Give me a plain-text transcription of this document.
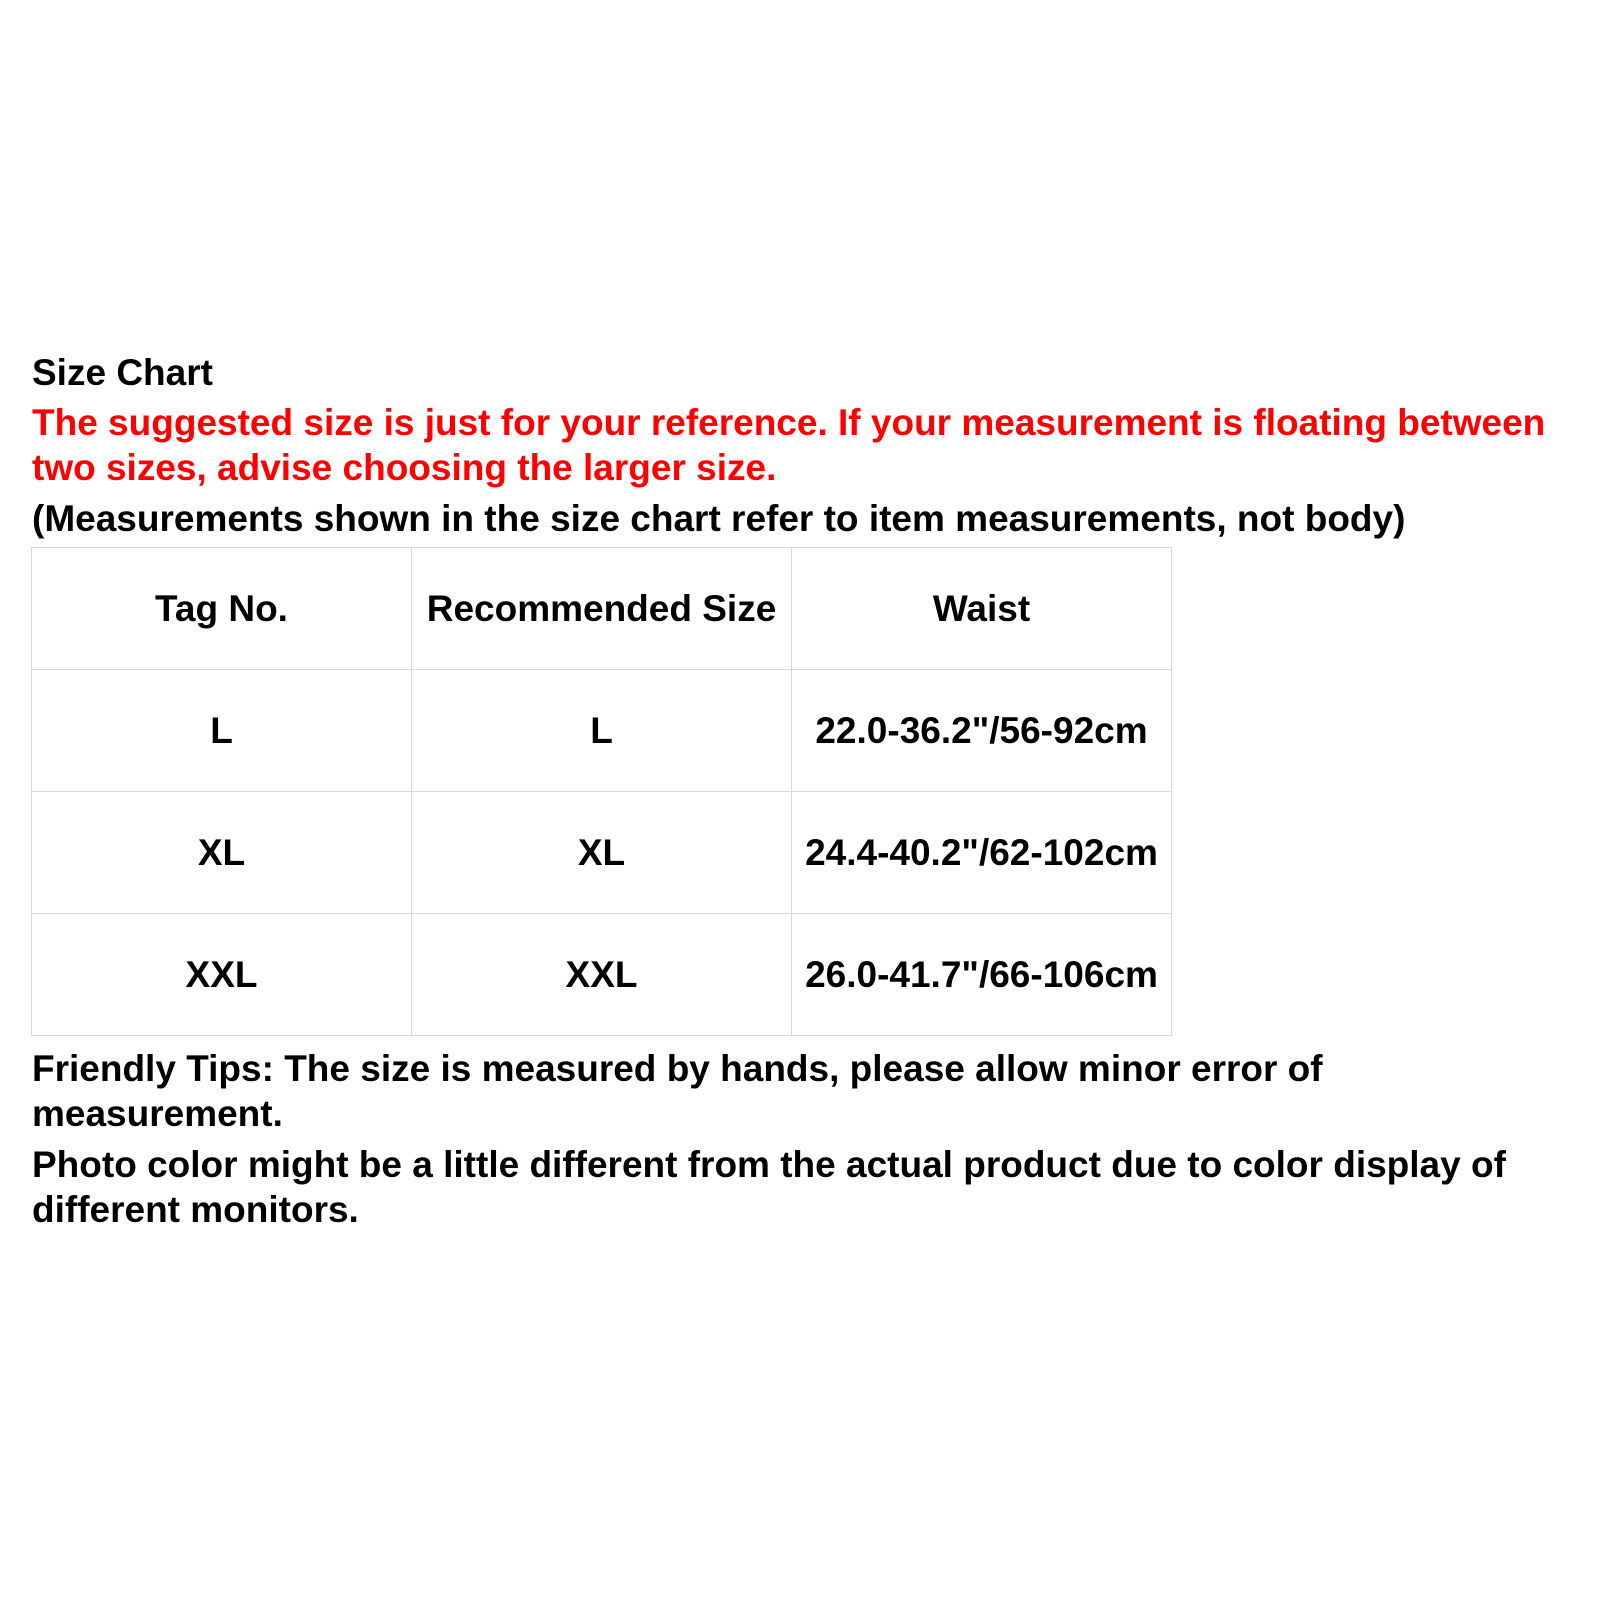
Size Chart
The suggested size is just for your reference. If your measurement is floating between two sizes, advise choosing the larger size.
(Measurements shown in the size chart refer to item measurements, not body)
Tag No.	Recommended Size	Waist
L	L	22.0-36.2"/56-92cm
XL	XL	24.4-40.2"/62-102cm
XXL	XXL	26.0-41.7"/66-106cm

Friendly Tips: The size is measured by hands, please allow minor error of measurement.

Photo color might be a little different from the actual product due to color display of different monitors.
